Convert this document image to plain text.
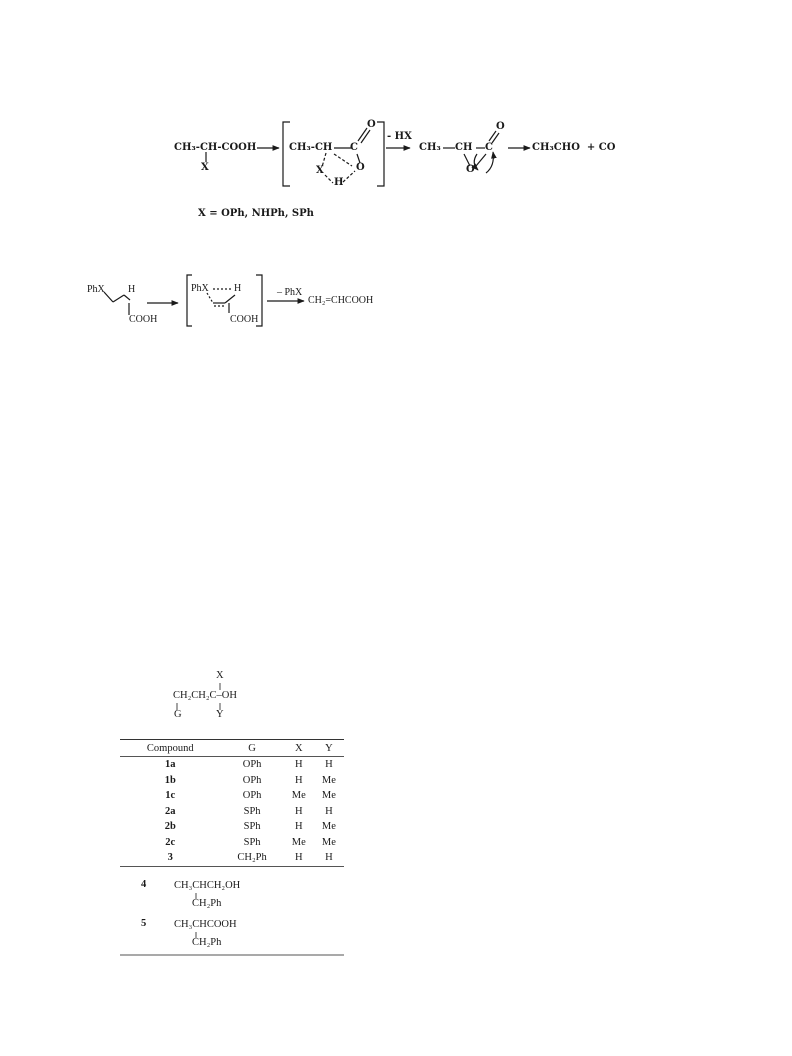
CH₃-CH-COOH
X
CH₃-CH C
O
X
H
O
- HX
CH₃ CH C
O
O
CH₃CHO  + CO
X = OPh, NHPh, SPh
PhX H
COOH
PhX	H
COOH
– PhX
CH₂=CHCOOH
X
CH₂CH₂C–OH
G	Y
Compound	G	X	Y
1a	OPh	H	H
1b	OPh	H	Me
1c	OPh	Me	Me
2a	SPh	H	H
2b	SPh	H	Me
2c	SPh	Me	Me
3	CH₂Ph	H	H
4	CH₃CHCH₂OH
CH₂Ph
5	CH₃CHCOOH
CH₂Ph
